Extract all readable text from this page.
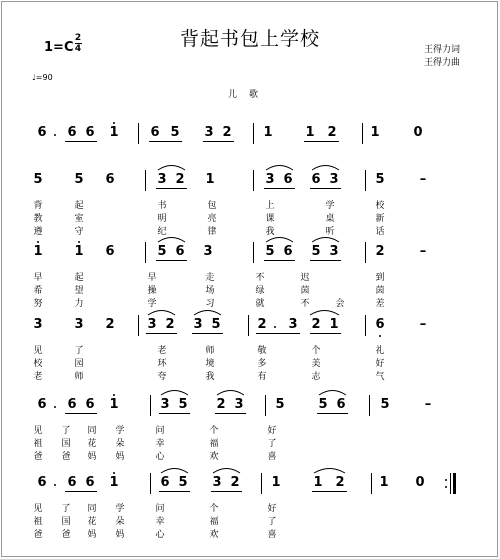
背起书包上学校
1=C
2
4
♩=90
王得力词
王得力曲
儿歌
6 6 6 1 6 5 3 2 1	1 2	1	0
5 5 6	3 2 1	3 6 6 3	5	–
背	起	书	包	上	学	校
教	室	明	亮	课	桌	新
遵	守	纪	律	我	听	话
1 1 6	5 6 3	5 6 5 3	2	–
早	起	早	走	不	迟	到
希	望	操	场	绿	茵	茵
努	力	学	习	就	不	会	差
3 3 2	3 2 3 5	2 3 2 1	6	–
见	了	老	师	敬	个	礼
校	园	环	境	多	美	好
老	师	夸	我	有	志	气
6 6 6 1	3 5 2 3 5	5 6	5	–
见 了 同 学	问	个	好
祖 国 花 朵	幸	福	了
爸 爸 妈 妈	心	欢	喜
6 6 6 1	6 5 3 2 1	1 2	1 0
见 了 同 学	问	个	好
祖 国 花 朵	幸	福	了
爸 爸 妈 妈	心	欢	喜
